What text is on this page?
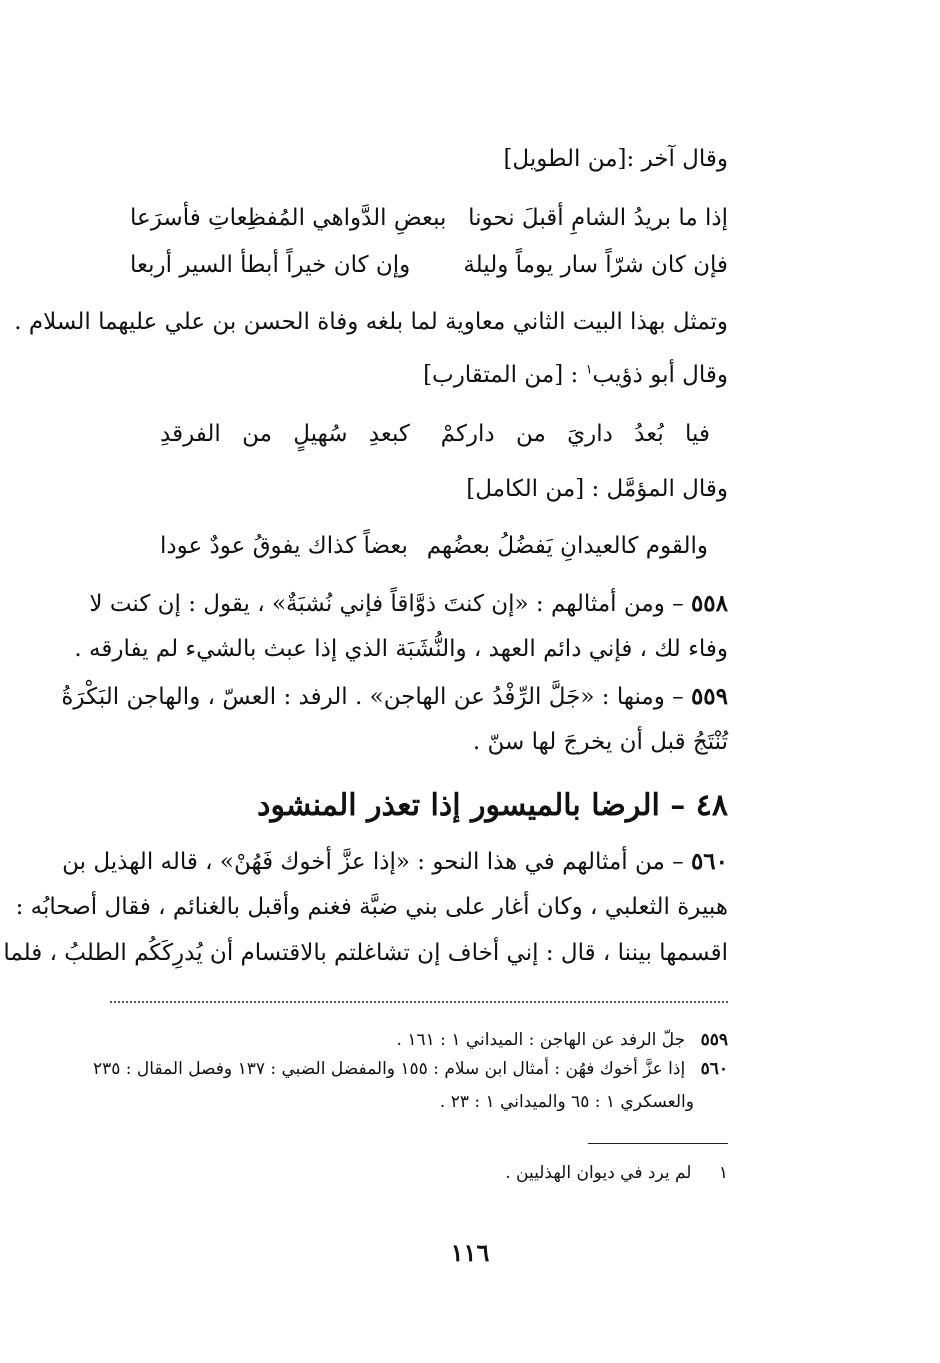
وقال آخر :[من الطويل]
إذا ما بريدُ الشامِ أقبلَ نحونا
ببعضِ الدَّواهي المُفظِعاتِ فأسرَعا
فإن كان شرّاً سار يوماً وليلة
وإن كان خيراً أبطأ السير أربعا
وتمثل بهذا البيت الثاني معاوية لما بلغه وفاة الحسن بن علي عليهما السلام .
وقال أبو ذؤيب$^١$ : [من المتقارب]
فيا بُعدُ داريَ من داركمْ
كبعدِ سُهيلٍ من الفرقدِ
وقال المؤمَّل : [من الكامل]
والقوم كالعيدانِ يَفضُلُ بعضُهم
بعضاً كذاك يفوقُ عودٌ عودا
٥٥٨ – ومن أمثالهم : «إن كنتَ ذوَّاقاً فإني نُشبَةٌ» ، يقول : إن كنت لا
وفاء لك ، فإني دائم العهد ، والنُّشَبَة الذي إذا عبث بالشيء لم يفارقه .
٥٥٩ – ومنها : «جَلَّ الرِّفْدُ عن الهاجن» . الرفد : العسّ ، والهاجن البَكْرَةُ
تُنْتَجُ قبل أن يخرجَ لها سنّ .
٤٨ – الرضا بالميسور إذا تعذر المنشود
٥٦٠ – من أمثالهم في هذا النحو : «إذا عزَّ أخوك فَهُنْ» ، قاله الهذيل بن
هبيرة الثعلبي ، وكان أغار على بني ضبَّة فغنم وأقبل بالغنائم ، فقال أصحابُه :
اقسمها بيننا ، قال : إني أخاف إن تشاغلتم بالاقتسام أن يُدرِكَكُم الطلبُ ، فلما
٥٥٩ جلّ الرفد عن الهاجن : الميداني ١ : ١٦١ .
٥٦٠ إذا عزَّ أخوك فهُن : أمثال ابن سلام : ١٥٥ والمفضل الضبي : ١٣٧ وفصل المقال : ٢٣٥
والعسكري ١ : ٦٥ والميداني ١ : ٢٣ .
١ لم يرد في ديوان الهذليين .
١١٦
